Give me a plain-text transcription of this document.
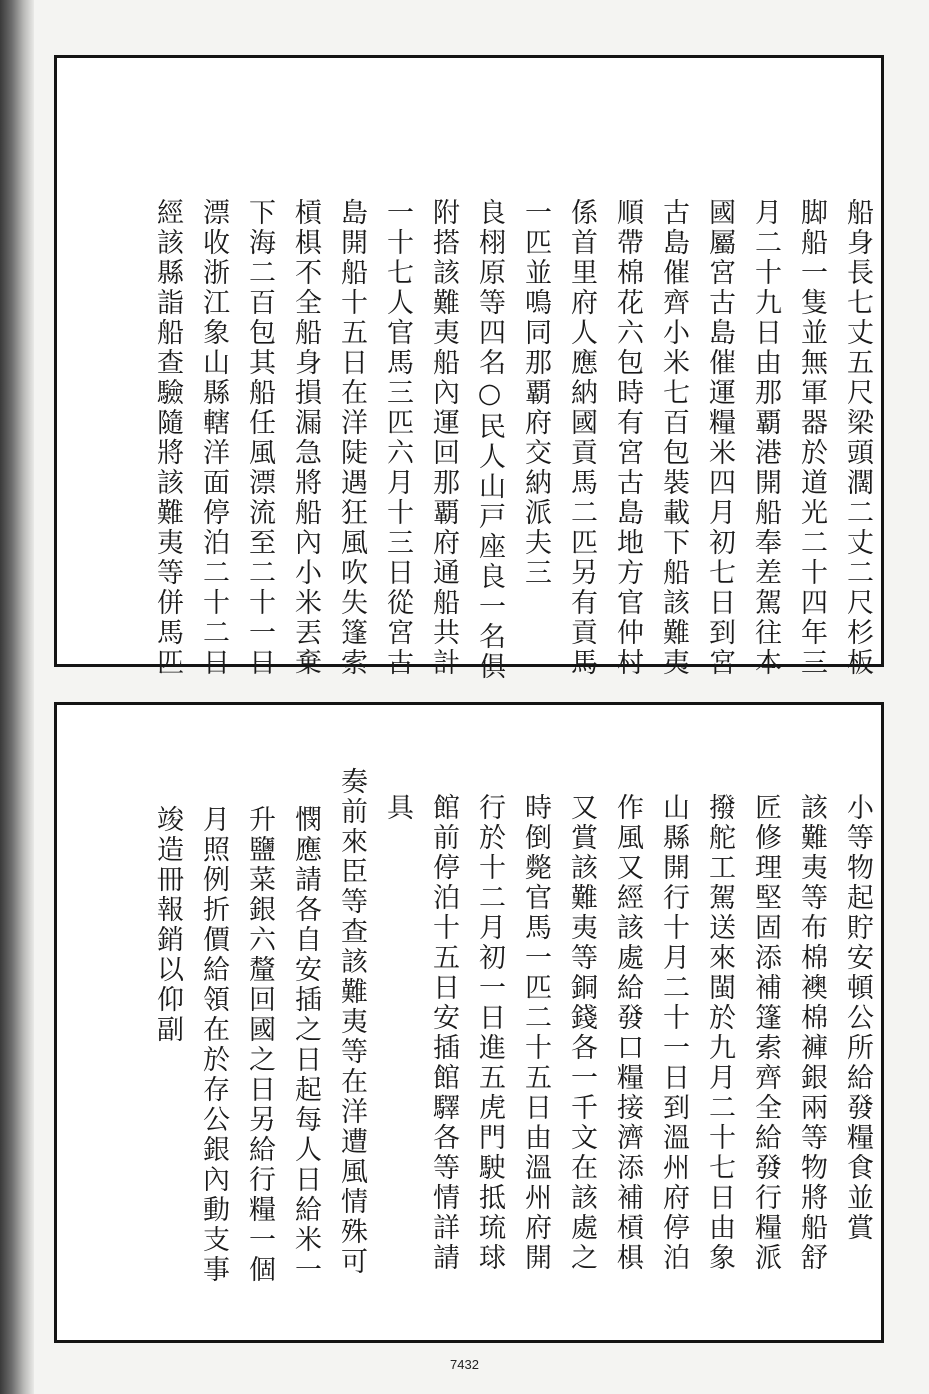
船身長七丈五尺梁頭濶二丈二尺杉板
脚船一隻並無軍器於道光二十四年三
月二十九日由那覇港開船奉差駕往本
國屬宮古島催運糧米四月初七日到宮
古島催齊小米七百包裝載下船該難夷
順帶棉花六包時有宮古島地方官仲村
係首里府人應納國貢馬二匹另有貢馬
一匹並鳴同那覇府交納派夫三
良栩原等四名○民人山戸座良一名俱
附搭該難夷船內運回那覇府通船共計
一十七人官馬三匹六月十三日從宮古
島開船十五日在洋陡遇狂風吹失篷索
槓椇不全船身損漏急將船內小米丟棄
下海二百包其船任風漂流至二十一日
漂收浙江象山縣轄洋面停泊二十二日
經該縣詣船查驗隨將該難夷等併馬匹
小等物起貯安頓公所給發糧食並賞
該難夷等布棉襖棉褲銀兩等物將船舒
匠修理堅固添補篷索齊全給發行糧派
撥舵工駕送來閩於九月二十七日由象
山縣開行十月二十一日到溫州府停泊
作風又經該處給發口糧接濟添補槓椇
又賞該難夷等銅錢各一千文在該處之
時倒斃官馬一匹二十五日由溫州府開
行於十二月初一日進五虎門駛抵琉球
館前停泊十五日安插館驛各等情詳請
具
奏前來臣等查該難夷等在洋遭風情殊可
憫應請各自安插之日起每人日給米一
升鹽菜銀六釐回國之日另給行糧一個
月照例折價給領在於存公銀內動支事
竣造冊報銷以仰副
7432
